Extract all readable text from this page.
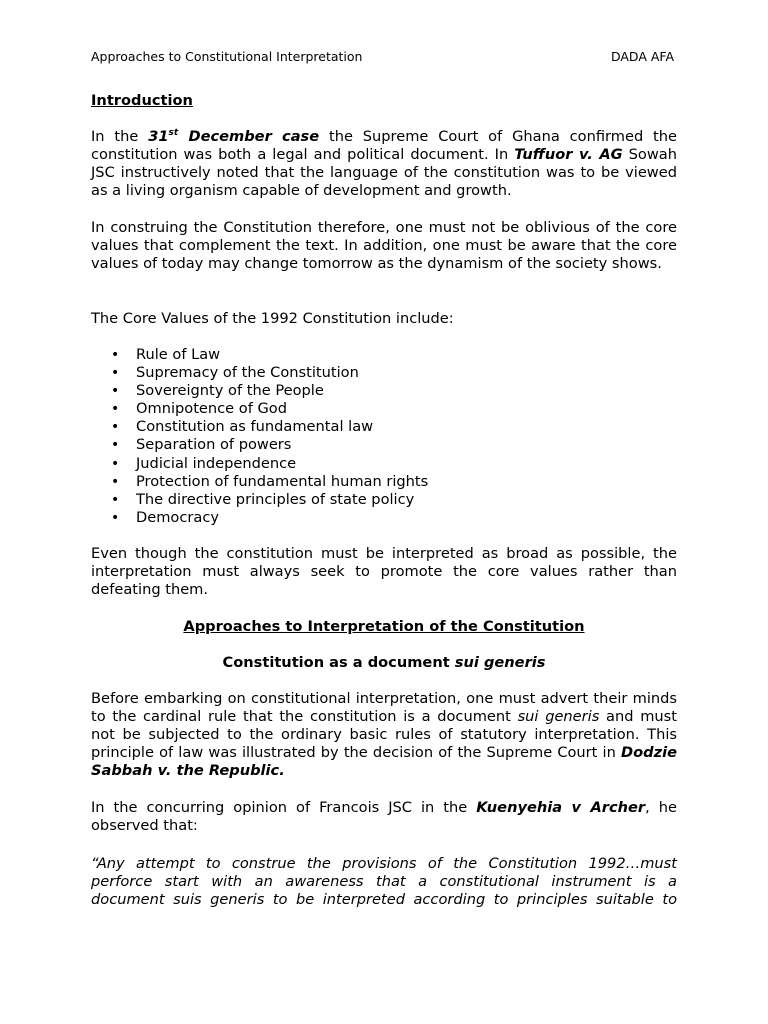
Approaches to Constitutional Interpretation	DADA AFA
Introduction

In the 31st December case the Supreme Court of Ghana confirmed the constitution was both a legal and political document. In Tuffuor v. AG Sowah JSC instructively noted that the language of the constitution was to be viewed as a living organism capable of development and growth.

In construing the Constitution therefore, one must not be oblivious of the core values that complement the text. In addition, one must be aware that the core values of today may change tomorrow as the dynamism of the society shows.

The Core Values of the 1992 Constitution include:

• Rule of Law
• Supremacy of the Constitution
• Sovereignty of the People
• Omnipotence of God
• Constitution as fundamental law
• Separation of powers
• Judicial independence
• Protection of fundamental human rights
• The directive principles of state policy
• Democracy

Even though the constitution must be interpreted as broad as possible, the interpretation must always seek to promote the core values rather than defeating them.

Approaches to Interpretation of the Constitution
Constitution as a document sui generis

Before embarking on constitutional interpretation, one must advert their minds to the cardinal rule that the constitution is a document sui generis and must not be subjected to the ordinary basic rules of statutory interpretation. This principle of law was illustrated by the decision of the Supreme Court in Dodzie Sabbah v. the Republic.

In the concurring opinion of Francois JSC in the Kuenyehia v Archer, he observed that:

“Any attempt to construe the provisions of the Constitution 1992…must perforce start with an awareness that a constitutional instrument is a document suis generis to be interpreted according to principles suitable to
